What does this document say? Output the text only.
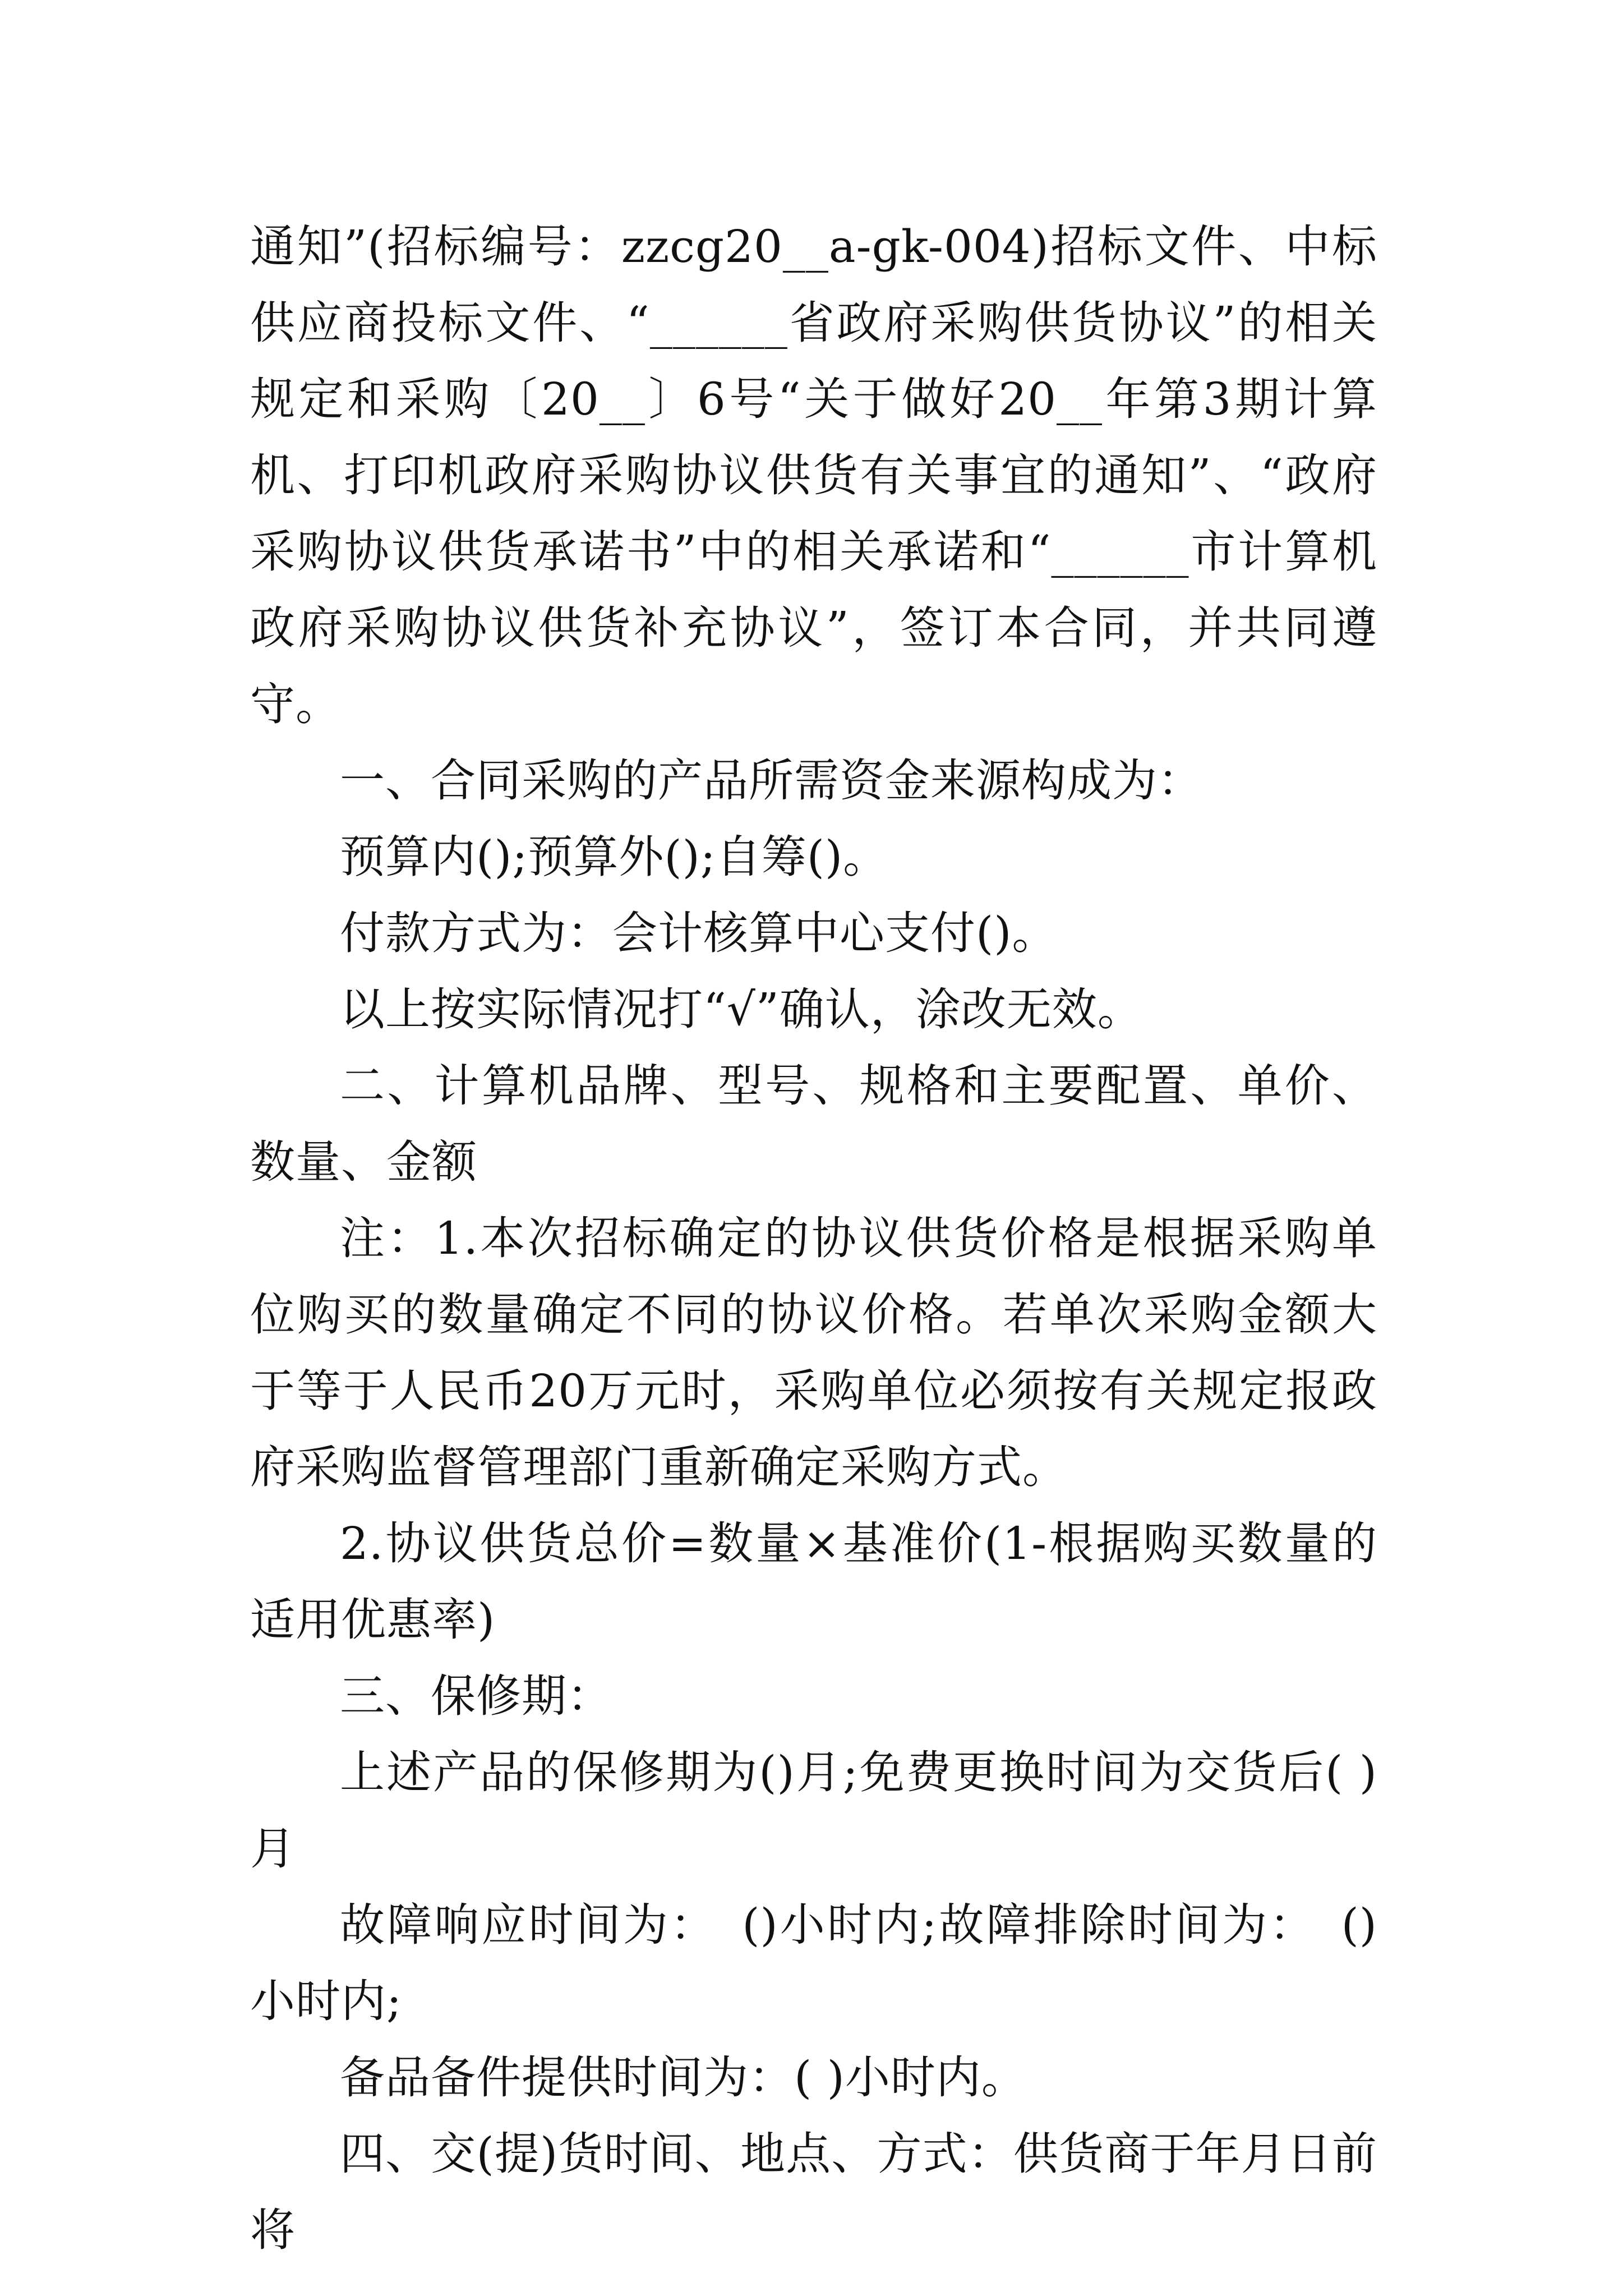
通知”(招标编号：zzcg20__a-gk-004)招标文件、中标供应商投标文件、“______省政府采购供货协议”的相关规定和采购〔20__〕6号“关于做好20__年第3期计算机、打印机政府采购协议供货有关事宜的通知”、“政府采购协议供货承诺书”中的相关承诺和“______市计算机政府采购协议供货补充协议”，签订本合同，并共同遵守。

一、合同采购的产品所需资金来源构成为：

预算内();预算外();自筹()。

付款方式为：会计核算中心支付()。

以上按实际情况打“√”确认，涂改无效。

二、计算机品牌、型号、规格和主要配置、单价、数量、金额

注：1.本次招标确定的协议供货价格是根据采购单位购买的数量确定不同的协议价格。若单次采购金额大于等于人民币20万元时，采购单位必须按有关规定报政府采购监督管理部门重新确定采购方式。

2.协议供货总价=数量×基准价(1-根据购买数量的适用优惠率)

三、保修期：

上述产品的保修期为()月;免费更换时间为交货后( )月

故障响应时间为：　()小时内;故障排除时间为：　()小时内;

备品备件提供时间为：( )小时内。

四、交(提)货时间、地点、方式：供货商于年月日前将
